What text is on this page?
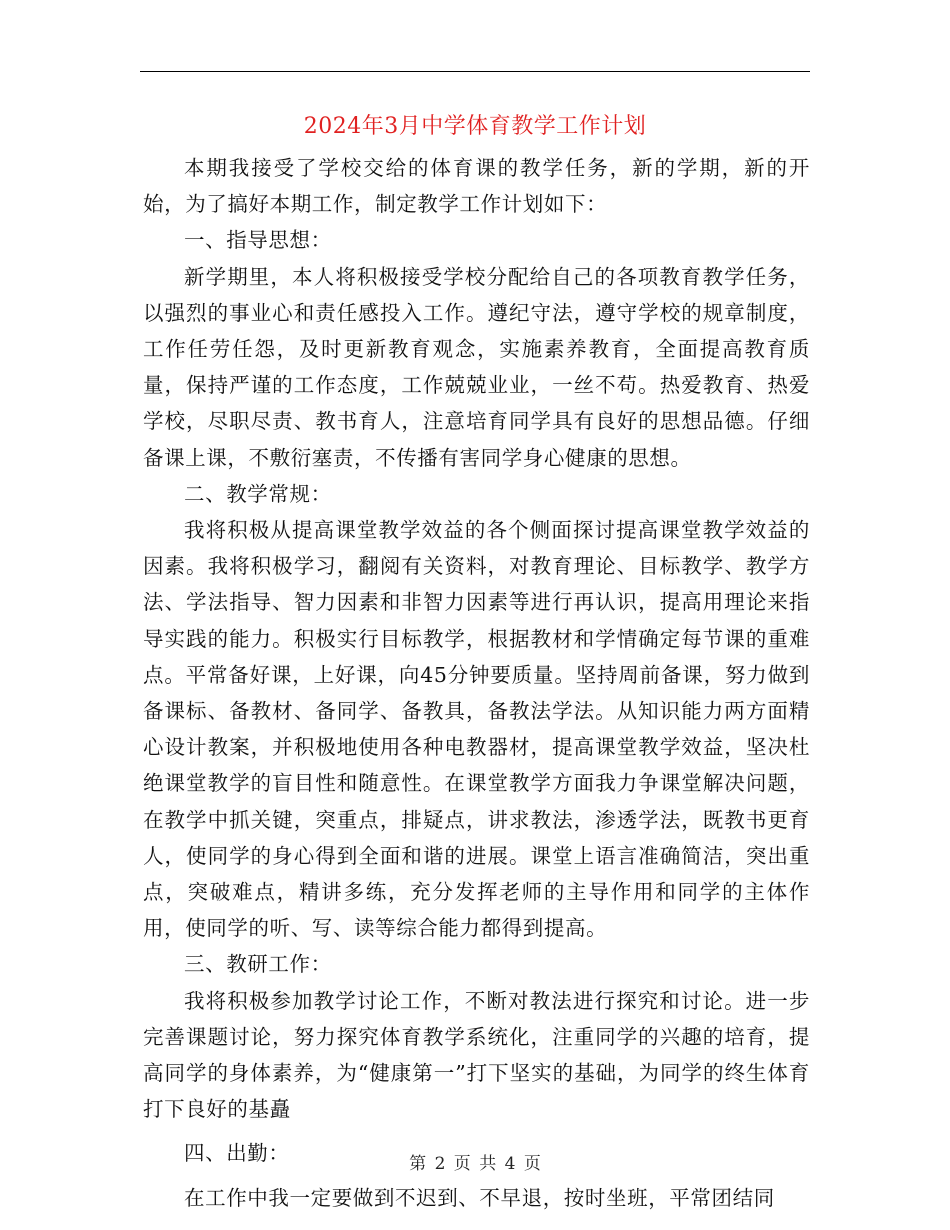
2024年3月中学体育教学工作计划

本期我接受了学校交给的体育课的教学任务，新的学期，新的开始，为了搞好本期工作，制定教学工作计划如下：

一、指导思想：

新学期里，本人将积极接受学校分配给自己的各项教育教学任务，以强烈的事业心和责任感投入工作。遵纪守法，遵守学校的规章制度，工作任劳任怨，及时更新教育观念，实施素养教育，全面提高教育质量，保持严谨的工作态度，工作兢兢业业，一丝不苟。热爱教育、热爱学校，尽职尽责、教书育人，注意培育同学具有良好的思想品德。仔细备课上课，不敷衍塞责，不传播有害同学身心健康的思想。

二、教学常规：

我将积极从提高课堂教学效益的各个侧面探讨提高课堂教学效益的因素。我将积极学习，翻阅有关资料，对教育理论、目标教学、教学方法、学法指导、智力因素和非智力因素等进行再认识，提高用理论来指导实践的能力。积极实行目标教学，根据教材和学情确定每节课的重难点。平常备好课，上好课，向45分钟要质量。坚持周前备课，努力做到备课标、备教材、备同学、备教具，备教法学法。从知识能力两方面精心设计教案，并积极地使用各种电教器材，提高课堂教学效益，坚决杜绝课堂教学的盲目性和随意性。在课堂教学方面我力争课堂解决问题，在教学中抓关键，突重点，排疑点，讲求教法，渗透学法，既教书更育人，使同学的身心得到全面和谐的进展。课堂上语言准确简洁，突出重点，突破难点，精讲多练，充分发挥老师的主导作用和同学的主体作用，使同学的听、写、读等综合能力都得到提高。

三、教研工作：

我将积极参加教学讨论工作，不断对教法进行探究和讨论。进一步完善课题讨论，努力探究体育教学系统化，注重同学的兴趣的培育，提高同学的身体素养，为“健康第一”打下坚实的基础，为同学的终生体育打下良好的基矗

四、出勤：

在工作中我一定要做到不迟到、不早退，按时坐班，平常团结同

第 2 页 共 4 页
